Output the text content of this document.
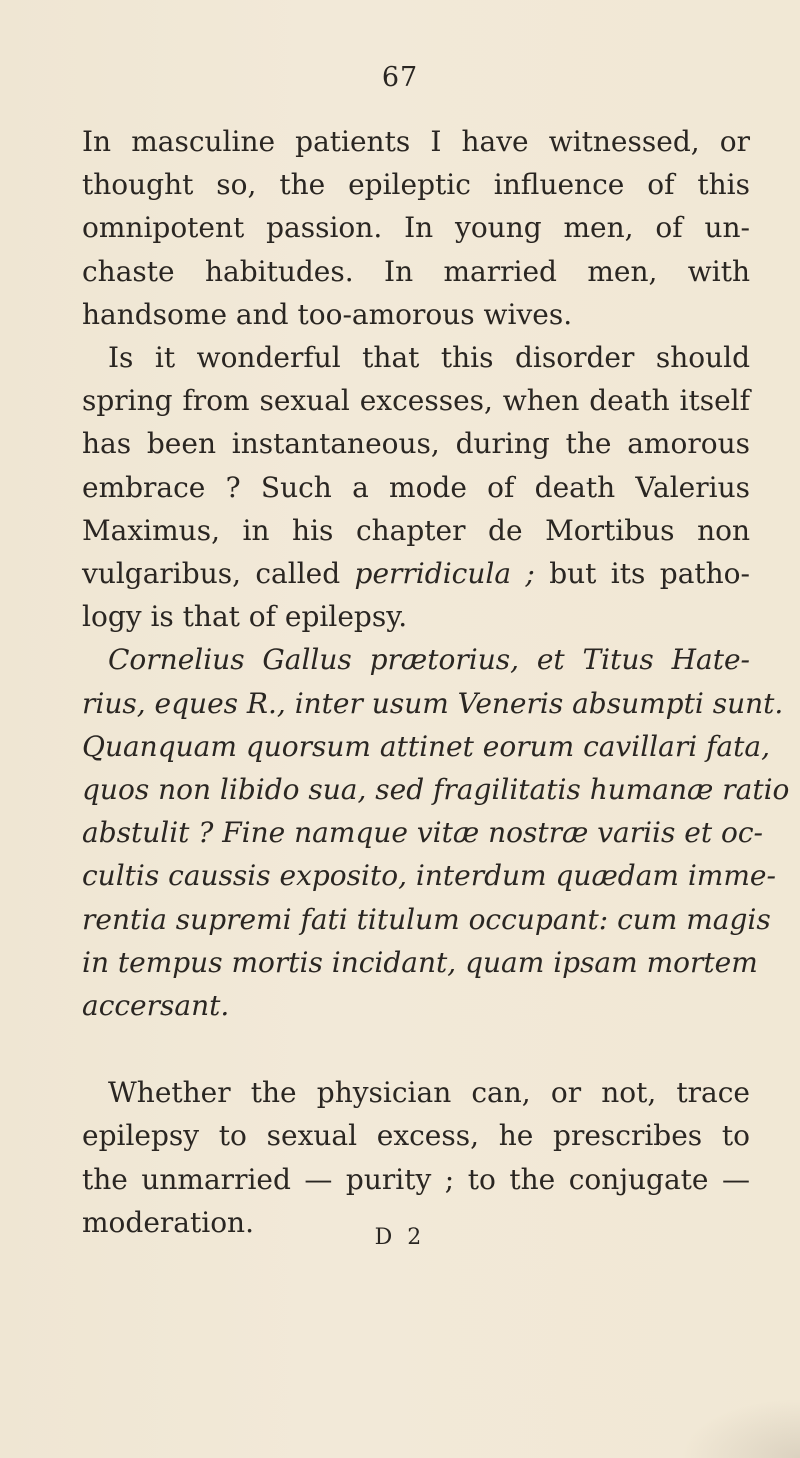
67
In masculine patients I have witnessed, or
thought so, the epileptic influence of this
omnipotent passion. In young men, of un-
chaste habitudes. In married men, with
handsome and too-amorous wives.
Is it wonderful that this disorder should
spring from sexual excesses, when death itself
has been instantaneous, during the amorous
embrace ? Such a mode of death Valerius
Maximus, in his chapter de Mortibus non
vulgaribus, called perridicula ; but its patho-
logy is that of epilepsy.
Cornelius Gallus prætorius, et Titus Hate-
rius, eques R., inter usum Veneris absumpti sunt.
Quanquam quorsum attinet eorum cavillari fata,
quos non libido sua, sed fragilitatis humanæ ratio
abstulit ? Fine namque vitæ nostræ variis et oc-
cultis caussis exposito, interdum quædam imme-
rentia supremi fati titulum occupant: cum magis
in tempus mortis incidant, quam ipsam mortem
accersant.
Whether the physician can, or not, trace
epilepsy to sexual excess, he prescribes to
the unmarried — purity ; to the conjugate —
moderation.	D 2
